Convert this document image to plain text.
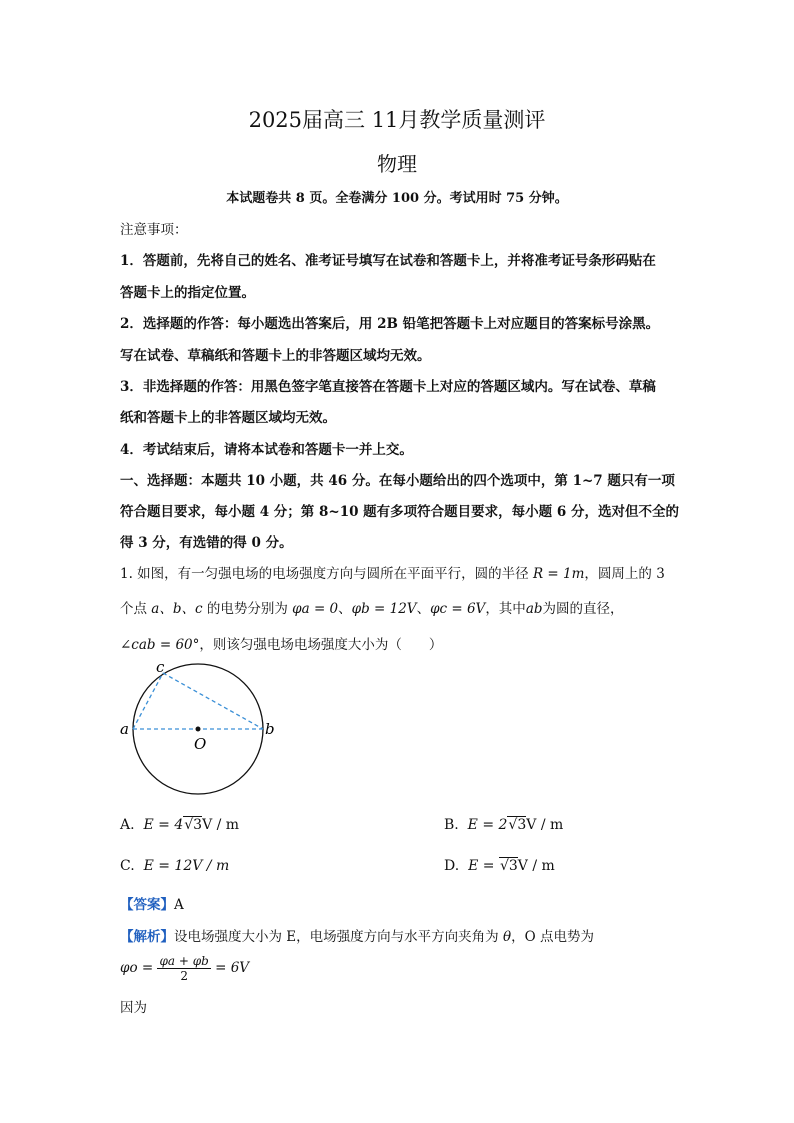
2025届高三 11月教学质量测评
物理
本试题卷共 8 页。全卷满分 100 分。考试用时 75 分钟。
注意事项：
1．答题前，先将自己的姓名、准考证号填写在试卷和答题卡上，并将准考证号条形码贴在
答题卡上的指定位置。
2．选择题的作答：每小题选出答案后，用 2B 铅笔把答题卡上对应题目的答案标号涂黑。
写在试卷、草稿纸和答题卡上的非答题区域均无效。
3．非选择题的作答：用黑色签字笔直接答在答题卡上对应的答题区域内。写在试卷、草稿
纸和答题卡上的非答题区域均无效。
4．考试结束后，请将本试卷和答题卡一并上交。
一、选择题：本题共 10 小题，共 46 分。在每小题给出的四个选项中，第 1~7 题只有一项
符合题目要求，每小题 4 分；第 8~10 题有多项符合题目要求，每小题 6 分，选对但不全的
得 3 分，有选错的得 0 分。
1. 如图，有一匀强电场的电场强度方向与圆所在平面平行，圆的半径 R = 1m，圆周上的 3
个点 a、b、c 的电势分别为 φa = 0、φb = 12V、φc = 6V，其中ab为圆的直径，
∠cab = 60°，则该匀强电场电场强度大小为（　　）
a	b
c
O
A. E = 4√3V / m	B. E = 2√3V / m
C. E = 12V / m	D. E = √3V / m
【答案】A
【解析】设电场强度大小为 E，电场强度方向与水平方向夹角为 θ，O 点电势为
$\varphi o = \frac{\varphi a + \varphi b}{2} = 6V$
因为
